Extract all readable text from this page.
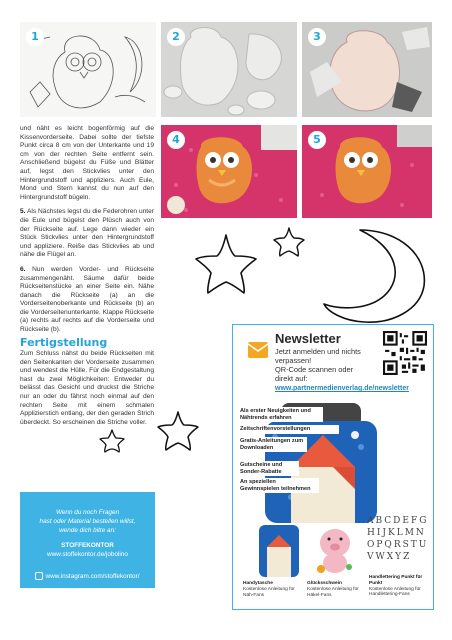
1	2	3
4	5

und näht es leicht bogenförmig auf die Kissenvorderseite. Dabei sollte der tiefste Punkt circa 8 cm von der Unterkante und 19 cm von der rechten Seite entfernt sein. Anschließend bügelst du Füße und Blätter auf, legst den Stickvlies unter den Hintergrundstoff und appliziers. Auch Eule, Mond und Stern kannst du nun auf den Hintergrundstoff bügeln.

5. Als Nächstes legst du die Federohren unter die Eule und bügelst den Plüsch auch von der Rückseite auf. Lege dann wieder ein Stück Stickvlies unter den Hintergrundstoff und appliziere. Reiße das Stickvlies ab und nähe die Flügel an.

6. Nun werden Vorder- und Rückseite zusammengenäht. Säume dafür beide Rückseitenstücke an einer Seite ein. Nähe danach die Rückseite (a) an die Vorderseitenoberkante und Rückseite (b) an die Vorderseitenunterkante. Klappe Rückseite (a) rechts auf rechts auf die Vorderseite und Rückseite (b).

Fertigstellung

Zum Schluss nähst du beide Rückseiten mit den Seitenkanten der Vorderseite zusammen und wendest die Hülle. Für die Endgestaltung hast du zwei Möglichkeiten: Entweder du belässt das Gesicht und druckst die Striche nur an oder du fährst noch einmal auf den rechten Seite mit einem schmalen Applizierstich entlang, der den geraden Strich überdeckt. So erscheinen die Striche voller.

Wenn du noch Fragen
hast oder Material bestellen willst,
wende dich bitte an:
STOFFEKONTOR
www.stoffekontor.de/jobolino
www.instagram.com/stoffekontor/
Newsletter
Jetzt anmelden und nichts
verpassen!
QR-Code scannen oder
direkt auf:
www.partnermedienverlag.de/newsletter
Als erster Neuigkeiten und Nähtrends erfahren
Zeitschriftenvorstellungen
Gratis-Anleitungen zum Downloaden
Gutscheine und Sonder-Rabatte
An speziellen Gewinnspielen teilnehmen
ABCDEFGHIJKLMNOPQRSTUVWXYZ
Handytasche
Kostenlose Anleitung für Näh-Fans
Glücksschwein
Kostenlose Anleitung für Häkel-Fans
Handlettering Punkt für Punkt
Kostenlose Anleitung für Handlettering-Fans
